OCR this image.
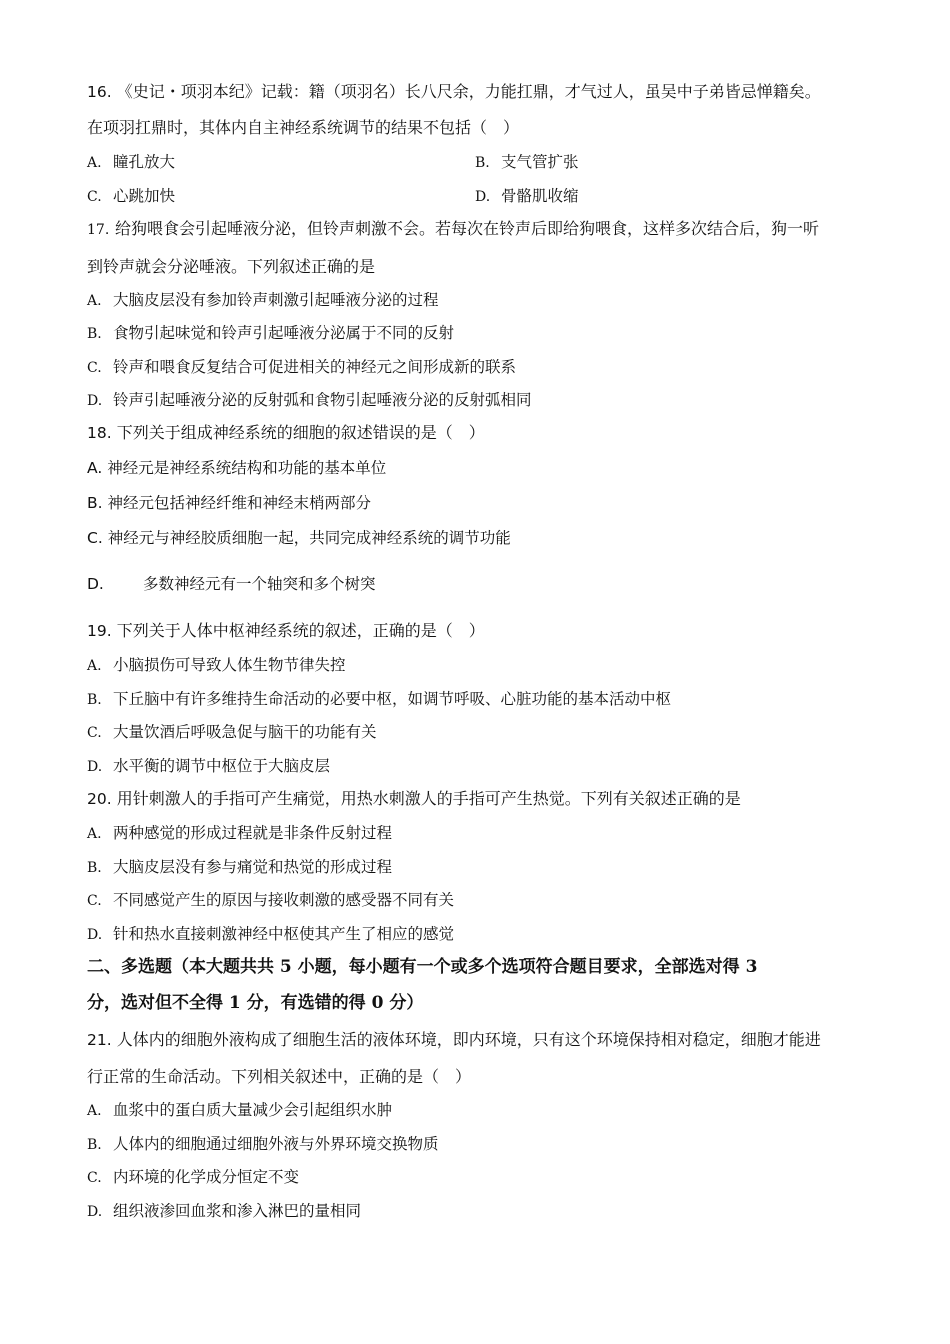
16. 《史记・项羽本纪》记载：籍（项羽名）长八尺余，力能扛鼎，才气过人，虽吴中子弟皆忌惮籍矣。
在项羽扛鼎时，其体内自主神经系统调节的结果不包括（　）
A. 瞳孔放大	B. 支气管扩张
C. 心跳加快	D. 骨骼肌收缩
17. 给狗喂食会引起唾液分泌，但铃声刺激不会。若每次在铃声后即给狗喂食，这样多次结合后，狗一听
到铃声就会分泌唾液。下列叙述正确的是
A. 大脑皮层没有参加铃声刺激引起唾液分泌的过程
B. 食物引起味觉和铃声引起唾液分泌属于不同的反射
C. 铃声和喂食反复结合可促进相关的神经元之间形成新的联系
D. 铃声引起唾液分泌的反射弧和食物引起唾液分泌的反射弧相同
18. 下列关于组成神经系统的细胞的叙述错误的是（　）
A. 神经元是神经系统结构和功能的基本单位
B. 神经元包括神经纤维和神经末梢两部分
C. 神经元与神经胶质细胞一起，共同完成神经系统的调节功能
D.	多数神经元有一个轴突和多个树突
19. 下列关于人体中枢神经系统的叙述，正确的是（　）
A. 小脑损伤可导致人体生物节律失控
B. 下丘脑中有许多维持生命活动的必要中枢，如调节呼吸、心脏功能的基本活动中枢
C. 大量饮酒后呼吸急促与脑干的功能有关
D. 水平衡的调节中枢位于大脑皮层
20. 用针刺激人的手指可产生痛觉，用热水刺激人的手指可产生热觉。下列有关叙述正确的是
A. 两种感觉的形成过程就是非条件反射过程
B. 大脑皮层没有参与痛觉和热觉的形成过程
C. 不同感觉产生的原因与接收刺激的感受器不同有关
D. 针和热水直接刺激神经中枢使其产生了相应的感觉
二、多选题（本大题共共 5 小题，每小题有一个或多个选项符合题目要求，全部选对得 3
分，选对但不全得 1 分，有选错的得 0 分）
21. 人体内的细胞外液构成了细胞生活的液体环境，即内环境，只有这个环境保持相对稳定，细胞才能进
行正常的生命活动。下列相关叙述中，正确的是（　）
A. 血浆中的蛋白质大量减少会引起组织水肿
B. 人体内的细胞通过细胞外液与外界环境交换物质
C. 内环境的化学成分恒定不变
D. 组织液渗回血浆和渗入淋巴的量相同
